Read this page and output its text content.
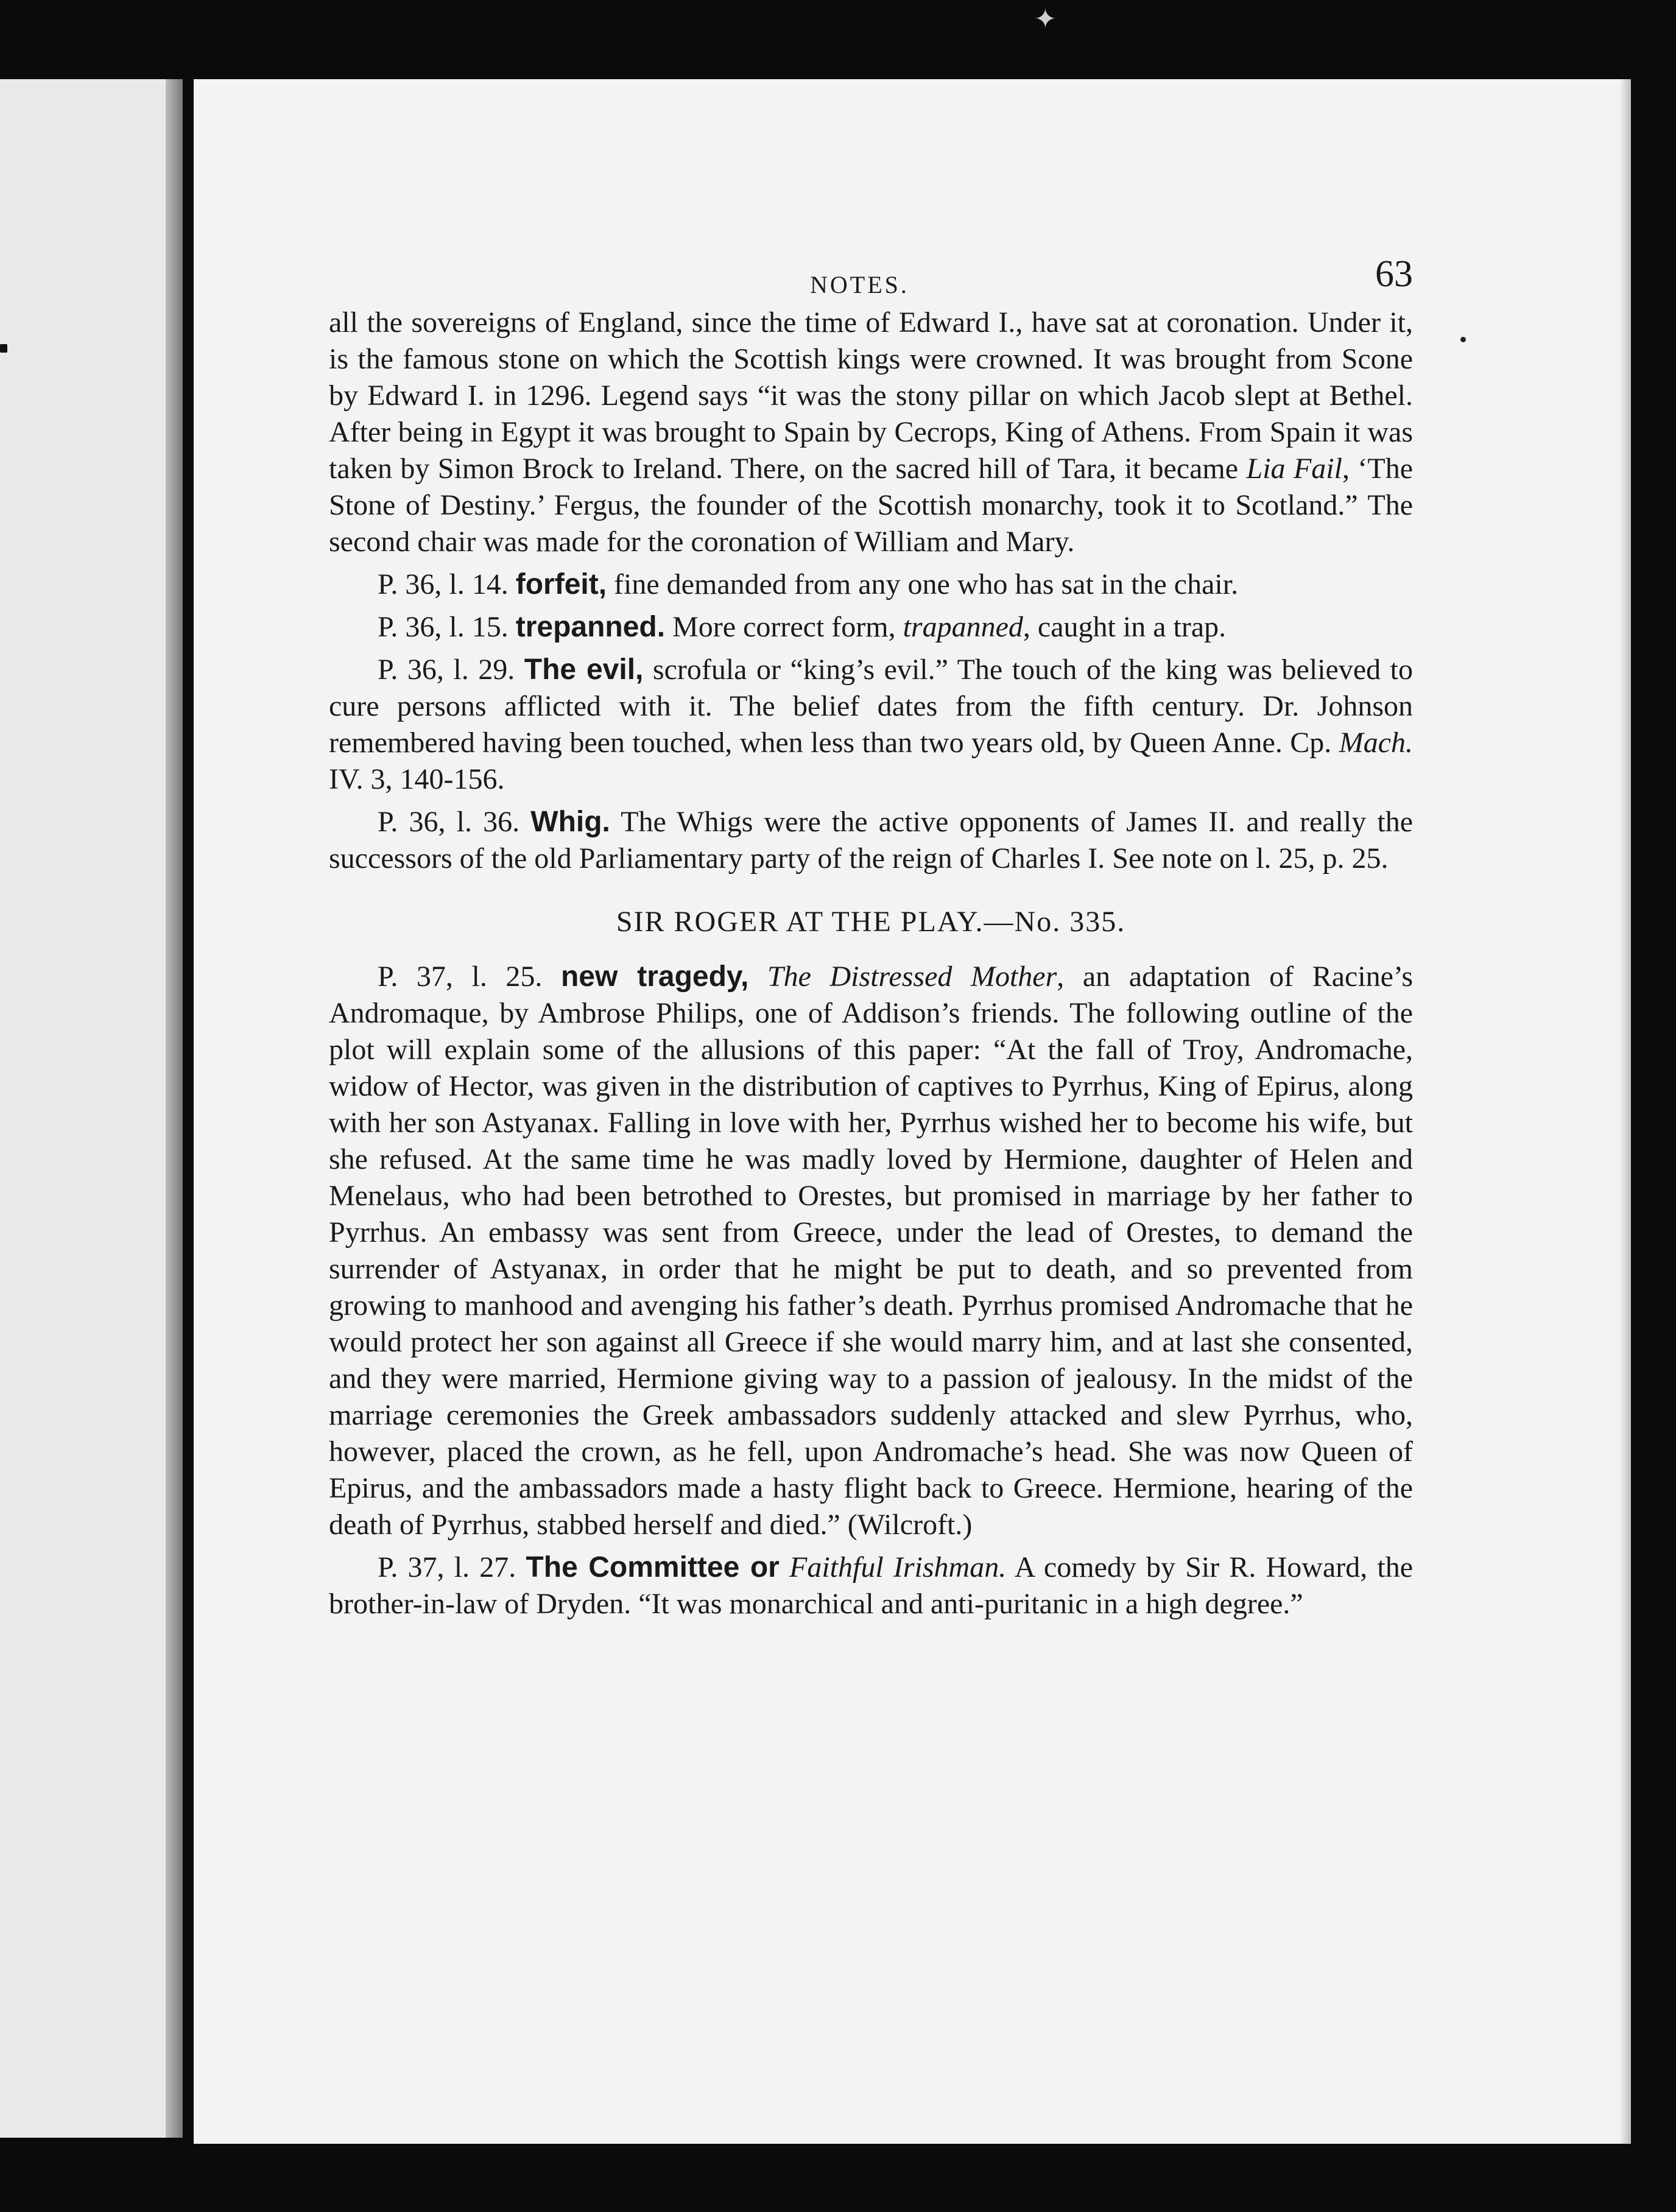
✦
NOTES.	63

all the sovereigns of England, since the time of Edward I., have sat at coronation. Under it, is the famous stone on which the Scottish kings were crowned. It was brought from Scone by Edward I. in 1296. Legend says “it was the stony pillar on which Jacob slept at Bethel. After being in Egypt it was brought to Spain by Cecrops, King of Athens. From Spain it was taken by Simon Brock to Ireland. There, on the sacred hill of Tara, it became Lia Fail, ‘The Stone of Destiny.’ Fergus, the founder of the Scottish monarchy, took it to Scotland.” The second chair was made for the coronation of William and Mary.

P. 36, l. 14. forfeit, fine demanded from any one who has sat in the chair.

P. 36, l. 15. trepanned. More correct form, trapanned, caught in a trap.

P. 36, l. 29. The evil, scrofula or “king’s evil.” The touch of the king was believed to cure persons afflicted with it. The belief dates from the fifth century. Dr. Johnson remembered having been touched, when less than two years old, by Queen Anne. Cp. Mach. IV. 3, 140-156.

P. 36, l. 36. Whig. The Whigs were the active opponents of James II. and really the successors of the old Parliamentary party of the reign of Charles I. See note on l. 25, p. 25.

SIR ROGER AT THE PLAY.—No. 335.

P. 37, l. 25. new tragedy, The Distressed Mother, an adaptation of Racine’s Andromaque, by Ambrose Philips, one of Addison’s friends. The following outline of the plot will explain some of the allusions of this paper: “At the fall of Troy, Andromache, widow of Hector, was given in the distribution of captives to Pyrrhus, King of Epirus, along with her son Astyanax. Falling in love with her, Pyrrhus wished her to become his wife, but she refused. At the same time he was madly loved by Hermione, daughter of Helen and Menelaus, who had been betrothed to Orestes, but promised in marriage by her father to Pyrrhus. An embassy was sent from Greece, under the lead of Orestes, to demand the surrender of Astyanax, in order that he might be put to death, and so prevented from growing to manhood and avenging his father’s death. Pyrrhus promised Andromache that he would protect her son against all Greece if she would marry him, and at last she consented, and they were married, Hermione giving way to a passion of jealousy. In the midst of the marriage ceremonies the Greek ambassadors suddenly attacked and slew Pyrrhus, who, however, placed the crown, as he fell, upon Andromache’s head. She was now Queen of Epirus, and the ambassadors made a hasty flight back to Greece. Hermione, hearing of the death of Pyrrhus, stabbed herself and died.” (Wilcroft.)

P. 37, l. 27. The Committee or Faithful Irishman. A comedy by Sir R. Howard, the brother-in-law of Dryden. “It was monarchical and anti-puritanic in a high degree.”
